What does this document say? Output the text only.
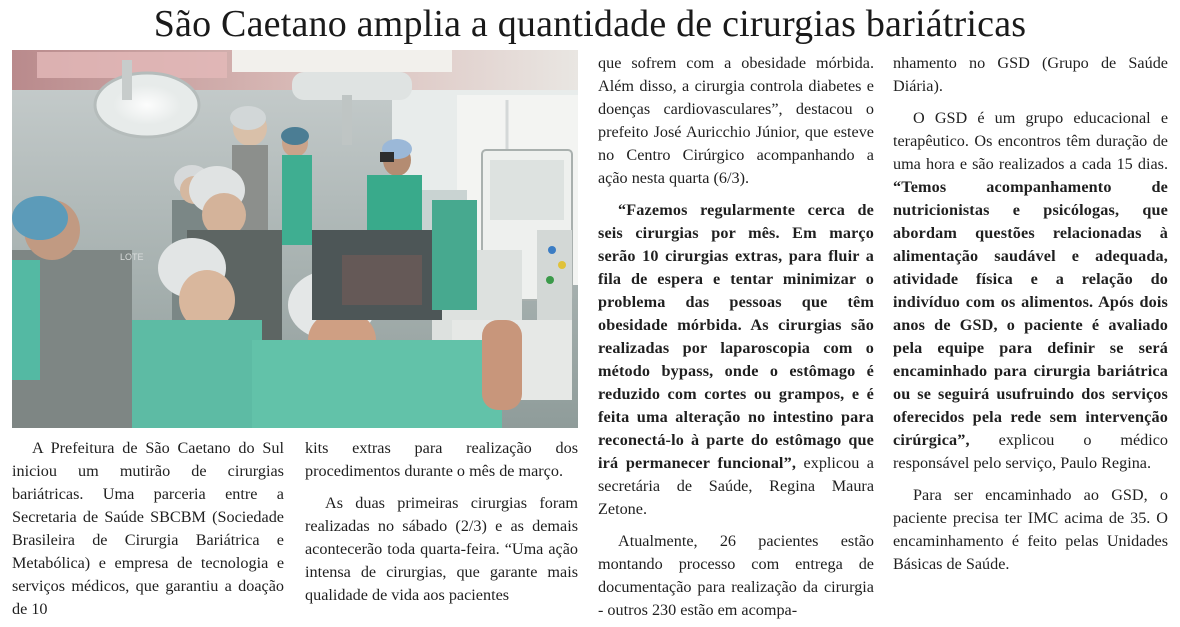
São Caetano amplia a quantidade de cirurgias bariátricas
LOTE

A Prefeitura de São Caetano do Sul iniciou um mutirão de cirurgias bariátricas. Uma parceria entre a Secretaria de Saúde SBCBM (Sociedade Brasileira de Cirurgia Bariátrica e Metabólica) e empresa de tecnologia e serviços médicos, que garantiu a doação de 10

kits extras para realização dos procedimentos durante o mês de março.

As duas primeiras cirurgias foram realizadas no sábado (2/3) e as demais acontecerão toda quarta-feira. “Uma ação intensa de cirurgias, que garante mais qualidade de vida aos pacientes

que sofrem com a obesidade mórbida. Além disso, a cirurgia controla diabetes e doenças cardiovasculares”, destacou o prefeito José Auricchio Júnior, que esteve no Centro Cirúrgico acompanhando a ação nesta quarta (6/3).

“Fazemos regularmente cerca de seis cirurgias por mês. Em março serão 10 cirurgias extras, para fluir a fila de espera e tentar minimizar o problema das pessoas que têm obesidade mórbida. As cirurgias são realizadas por laparoscopia com o método bypass, onde o estômago é reduzido com cortes ou grampos, e é feita uma alteração no intestino para reconectá-lo à parte do estômago que irá permanecer funcional”, explicou a secretária de Saúde, Regina Maura Zetone.

Atualmente, 26 pacientes estão montando processo com entrega de documentação para realização da cirurgia - outros 230 estão em acompa-

nhamento no GSD (Grupo de Saúde Diária).

O GSD é um grupo educacional e terapêutico. Os encontros têm duração de uma hora e são realizados a cada 15 dias. “Temos acompanhamento de nutricionistas e psicólogas, que abordam questões relacionadas à alimentação saudável e adequada, atividade física e a relação do indivíduo com os alimentos. Após dois anos de GSD, o paciente é avaliado pela equipe para definir se será encaminhado para cirurgia bariátrica ou se seguirá usufruindo dos serviços oferecidos pela rede sem intervenção cirúrgica”, explicou o médico responsável pelo serviço, Paulo Regina.

Para ser encaminhado ao GSD, o paciente precisa ter IMC acima de 35. O encaminhamento é feito pelas Unidades Básicas de Saúde.
